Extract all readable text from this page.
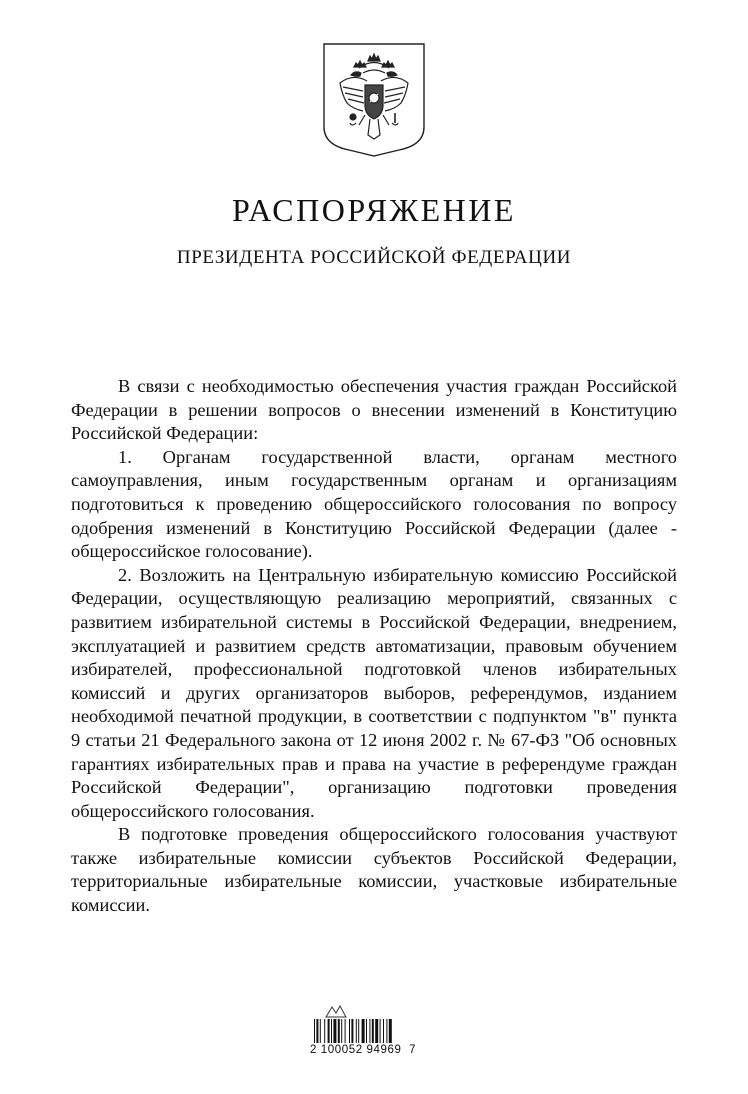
РАСПОРЯЖЕНИЕ
ПРЕЗИДЕНТА РОССИЙСКОЙ ФЕДЕРАЦИИ

В связи с необходимостью обеспечения участия граждан Российской Федерации в решении вопросов о внесении изменений в Конституцию Российской Федерации:

1. Органам государственной власти, органам местного самоуправления, иным государственным органам и организациям подготовиться к проведению общероссийского голосования по вопросу одобрения изменений в Конституцию Российской Федерации (далее - общероссийское голосование).

2. Возложить на Центральную избирательную комиссию Российской Федерации, осуществляющую реализацию мероприятий, связанных с развитием избирательной системы в Российской Федерации, внедрением, эксплуатацией и развитием средств автоматизации, правовым обучением избирателей, профессиональной подготовкой членов избирательных комиссий и других организаторов выборов, референдумов, изданием необходимой печатной продукции, в соответствии с подпунктом "в" пункта 9 статьи 21 Федерального закона от 12 июня 2002 г. № 67-ФЗ "Об основных гарантиях избирательных прав и права на участие в референдуме граждан Российской Федерации", организацию подготовки проведения общероссийского голосования.

В подготовке проведения общероссийского голосования участвуют также избирательные комиссии субъектов Российской Федерации, территориальные избирательные комиссии, участковые избирательные комиссии.

2 100052 94969  7
